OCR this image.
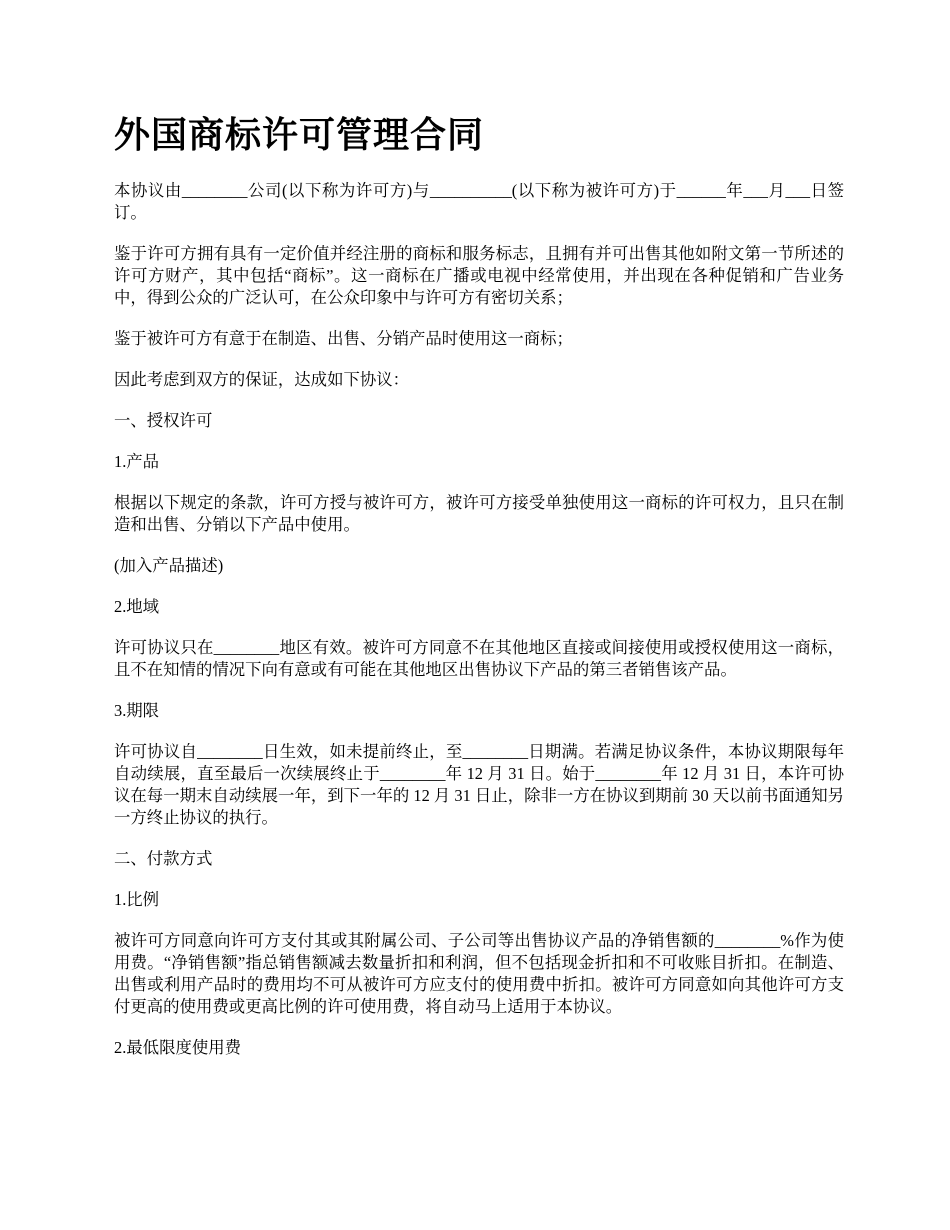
外国商标许可管理合同

本协议由________公司(以下称为许可方)与__________(以下称为被许可方)于______年___月___日签订。

鉴于许可方拥有具有一定价值并经注册的商标和服务标志，且拥有并可出售其他如附文第一节所述的许可方财产，其中包括“商标”。这一商标在广播或电视中经常使用，并出现在各种促销和广告业务中，得到公众的广泛认可，在公众印象中与许可方有密切关系；

鉴于被许可方有意于在制造、出售、分销产品时使用这一商标；

因此考虑到双方的保证，达成如下协议：

一、授权许可

1.产品

根据以下规定的条款，许可方授与被许可方，被许可方接受单独使用这一商标的许可权力，且只在制造和出售、分销以下产品中使用。

(加入产品描述)

2.地域

许可协议只在________地区有效。被许可方同意不在其他地区直接或间接使用或授权使用这一商标，且不在知情的情况下向有意或有可能在其他地区出售协议下产品的第三者销售该产品。

3.期限

许可协议自________日生效，如未提前终止，至________日期满。若满足协议条件，本协议期限每年自动续展，直至最后一次续展终止于________年 12 月 31 日。始于________年 12 月 31 日，本许可协议在每一期末自动续展一年，到下一年的 12 月 31 日止，除非一方在协议到期前 30 天以前书面通知另一方终止协议的执行。

二、付款方式

1.比例

被许可方同意向许可方支付其或其附属公司、子公司等出售协议产品的净销售额的________%作为使用费。“净销售额”指总销售额减去数量折扣和利润，但不包括现金折扣和不可收账目折扣。在制造、出售或利用产品时的费用均不可从被许可方应支付的使用费中折扣。被许可方同意如向其他许可方支付更高的使用费或更高比例的许可使用费，将自动马上适用于本协议。

2.最低限度使用费
